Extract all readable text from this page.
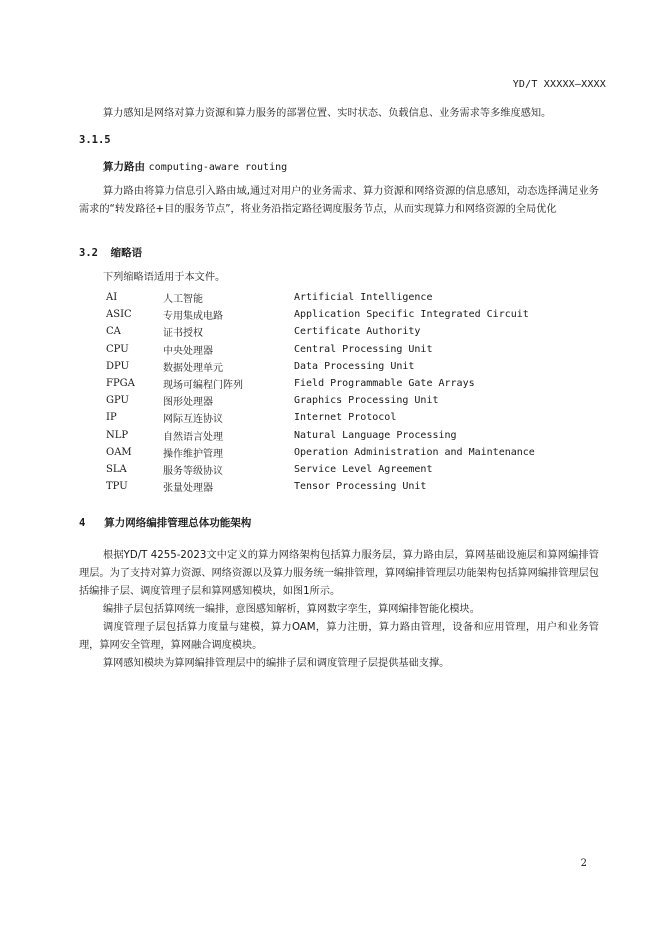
YD/T XXXXX—XXXX
算力感知是网络对算力资源和算力服务的部署位置、实时状态、负载信息、业务需求等多维度感知。
3.1.5
算力路由 computing-aware routing
算力路由将算力信息引入路由域,通过对用户的业务需求、算力资源和网络资源的信息感知，动态选择满足业务需求的“转发路径+目的服务节点”，将业务沿指定路径调度服务节点，从而实现算力和网络资源的全局优化
3.2 缩略语
下列缩略语适用于本文件。
AI	人工智能	Artificial Intelligence
ASIC	专用集成电路	Application Specific Integrated Circuit
CA	证书授权	Certificate Authority
CPU	中央处理器	Central Processing Unit
DPU	数据处理单元	Data Processing Unit
FPGA	现场可编程门阵列	Field Programmable Gate Arrays
GPU	图形处理器	Graphics Processing Unit
IP	网际互连协议	Internet Protocol
NLP	自然语言处理	Natural Language Processing
OAM	操作维护管理	Operation Administration and Maintenance
SLA	服务等级协议	Service Level Agreement
TPU	张量处理器	Tensor Processing Unit
4 算力网络编排管理总体功能架构
根据YD/T 4255-2023文中定义的算力网络架构包括算力服务层，算力路由层，算网基础设施层和算网编排管理层。为了支持对算力资源、网络资源以及算力服务统一编排管理，算网编排管理层功能架构包括算网编排管理层包括编排子层、调度管理子层和算网感知模块，如图1所示。
编排子层包括算网统一编排，意图感知解析，算网数字孪生，算网编排智能化模块。
调度管理子层包括算力度量与建模，算力OAM，算力注册，算力路由管理，设备和应用管理，用户和业务管理，算网安全管理，算网融合调度模块。
算网感知模块为算网编排管理层中的编排子层和调度管理子层提供基础支撑。
2
